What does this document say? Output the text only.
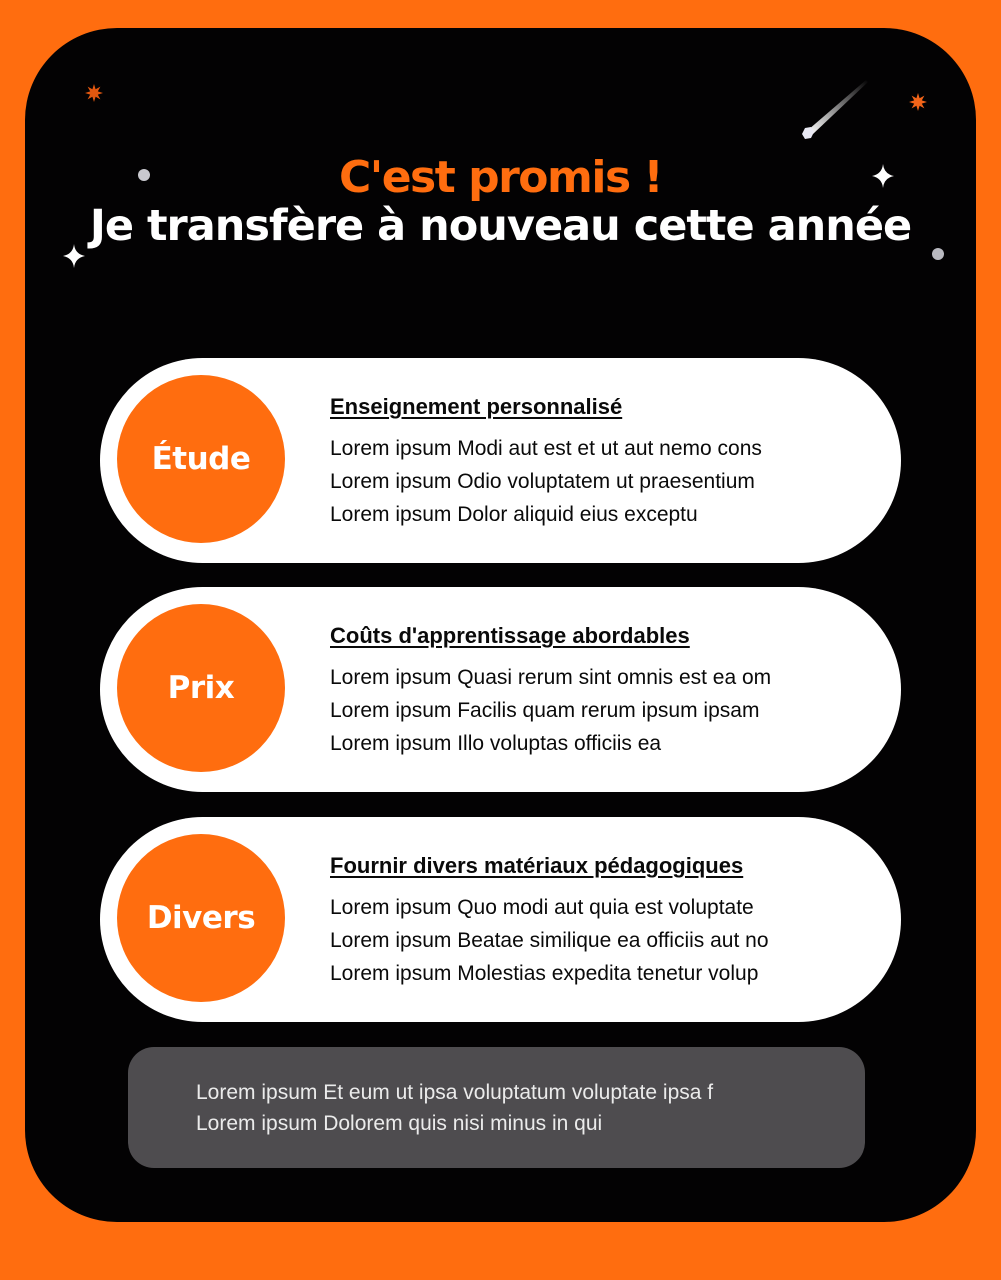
C'est promis !
Je transfère à nouveau cette année
Étude
Enseignement personnalisé
Lorem ipsum Modi aut est et ut aut nemo cons
Lorem ipsum Odio voluptatem ut praesentium
Lorem ipsum Dolor aliquid eius exceptu
Prix
Coûts d'apprentissage abordables
Lorem ipsum Quasi rerum sint omnis est ea om
Lorem ipsum Facilis quam rerum ipsum ipsam
Lorem ipsum Illo voluptas officiis ea
Divers
Fournir divers matériaux pédagogiques
Lorem ipsum Quo modi aut quia est voluptate
Lorem ipsum Beatae similique ea officiis aut no
Lorem ipsum Molestias expedita tenetur volup
Lorem ipsum Et eum ut ipsa voluptatum voluptate ipsa f
Lorem ipsum Dolorem quis nisi minus in qui
